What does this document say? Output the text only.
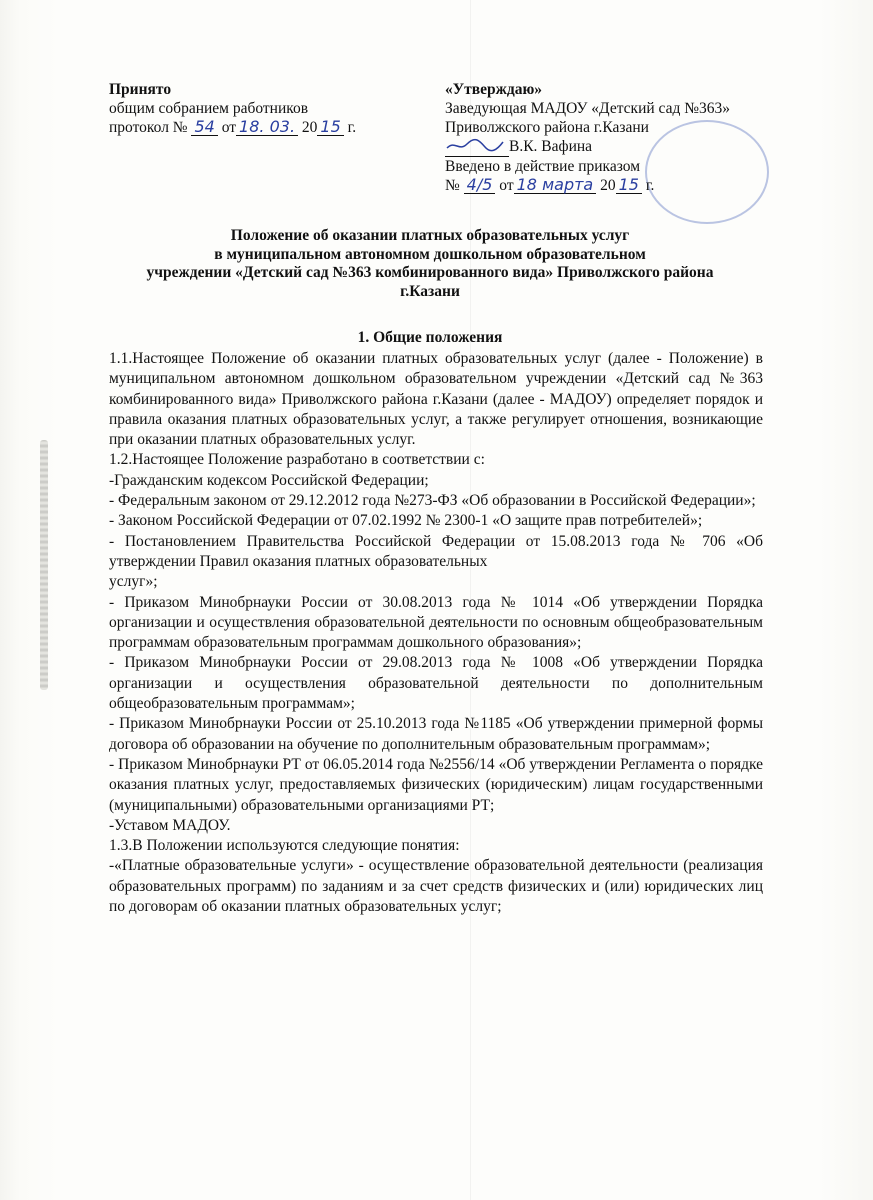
Принято
общим собранием работников
протокол № 54 от 18. 03. 20 15 г.
«Утверждаю»
Заведующая МАДОУ «Детский сад №363»
Приволжского района г.Казани
В.К. Вафина
Введено в действие приказом
№ 4/5 от 18 марта 20 15 г.
Положение об оказании платных образовательных услуг
в муниципальном автономном дошкольном образовательном
учреждении «Детский сад №363 комбинированного вида» Приволжского района
г.Казани
1. Общие положения

1.1.Настоящее Положение об оказании платных образовательных услуг (далее - Положение) в муниципальном автономном дошкольном образовательном учреждении «Детский сад №363 комбинированного вида» Приволжского района г.Казани (далее - МАДОУ) определяет порядок и правила оказания платных образовательных услуг, а также регулирует отношения, возникающие при оказании платных образовательных услуг.

1.2.Настоящее Положение разработано в соответствии с:

-Гражданским кодексом Российской Федерации;

- Федеральным законом от 29.12.2012 года №273-ФЗ «Об образовании в Российской Федерации»;

- Законом Российской Федерации от 07.02.1992 № 2300-1 «О защите прав потребителей»;

- Постановлением Правительства Российской Федерации от 15.08.2013 года № 706 «Об утверждении Правил оказания платных образовательных

услуг»;

- Приказом Минобрнауки России от 30.08.2013 года № 1014 «Об утверждении Порядка организации и осуществления образовательной деятельности по основным общеобразовательным программам образовательным программам дошкольного образования»;

- Приказом Минобрнауки России от 29.08.2013 года № 1008 «Об утверждении Порядка организации и осуществления образовательной деятельности по дополнительным общеобразовательным программам»;

- Приказом Минобрнауки России от 25.10.2013 года №1185 «Об утверждении примерной формы договора об образовании на обучение по дополнительным образовательным программам»;

- Приказом Минобрнауки РТ от 06.05.2014 года №2556/14 «Об утверждении Регламента о порядке оказания платных услуг, предоставляемых физических (юридическим) лицам государственными (муниципальными) образовательными организациями РТ;

-Уставом МАДОУ.

1.3.В Положении используются следующие понятия:

-«Платные образовательные услуги» - осуществление образовательной деятельности (реализация образовательных программ) по заданиям и за счет средств физических и (или) юридических лиц по договорам об оказании платных образовательных услуг;
